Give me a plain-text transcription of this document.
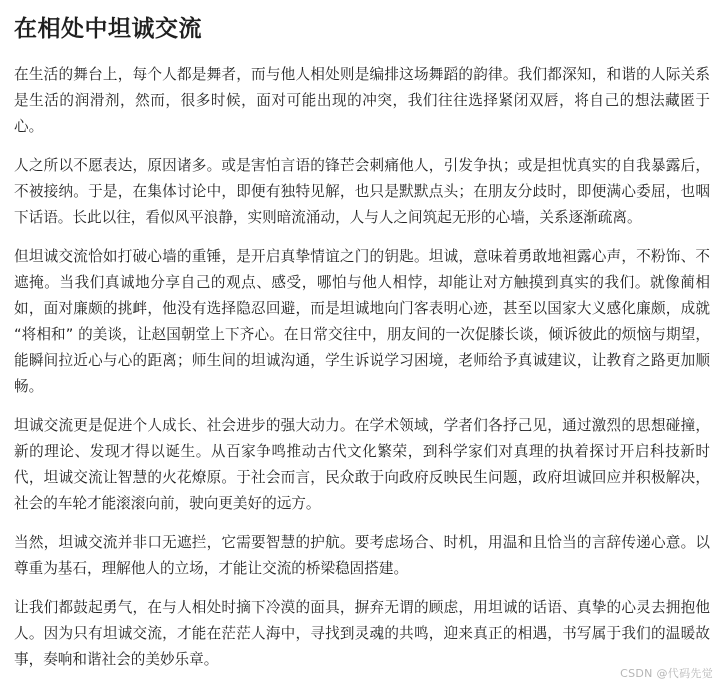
在相处中坦诚交流

在生活的舞台上，每个人都是舞者，而与他人相处则是编排这场舞蹈的韵律。我们都深知，和谐的人际关系是生活的润滑剂，然而，很多时候，面对可能出现的冲突，我们往往选择紧闭双唇，将自己的想法藏匿于心。

人之所以不愿表达，原因诸多。或是害怕言语的锋芒会刺痛他人，引发争执；或是担忧真实的自我暴露后，不被接纳。于是，在集体讨论中，即便有独特见解，也只是默默点头；在朋友分歧时，即便满心委屈，也咽下话语。长此以往，看似风平浪静，实则暗流涌动，人与人之间筑起无形的心墙，关系逐渐疏离。

但坦诚交流恰如打破心墙的重锤，是开启真挚情谊之门的钥匙。坦诚，意味着勇敢地袒露心声，不粉饰、不遮掩。当我们真诚地分享自己的观点、感受，哪怕与他人相悖，却能让对方触摸到真实的我们。就像蔺相如，面对廉颇的挑衅，他没有选择隐忍回避，而是坦诚地向门客表明心迹，甚至以国家大义感化廉颇，成就 “将相和” 的美谈，让赵国朝堂上下齐心。在日常交往中，朋友间的一次促膝长谈，倾诉彼此的烦恼与期望，能瞬间拉近心与心的距离；师生间的坦诚沟通，学生诉说学习困境，老师给予真诚建议，让教育之路更加顺畅。

坦诚交流更是促进个人成长、社会进步的强大动力。在学术领域，学者们各抒己见，通过激烈的思想碰撞，新的理论、发现才得以诞生。从百家争鸣推动古代文化繁荣，到科学家们对真理的执着探讨开启科技新时代，坦诚交流让智慧的火花燎原。于社会而言，民众敢于向政府反映民生问题，政府坦诚回应并积极解决，社会的车轮才能滚滚向前，驶向更美好的远方。

当然，坦诚交流并非口无遮拦，它需要智慧的护航。要考虑场合、时机，用温和且恰当的言辞传递心意。以尊重为基石，理解他人的立场，才能让交流的桥梁稳固搭建。

让我们都鼓起勇气，在与人相处时摘下冷漠的面具，摒弃无谓的顾虑，用坦诚的话语、真挚的心灵去拥抱他人。因为只有坦诚交流，才能在茫茫人海中，寻找到灵魂的共鸣，迎来真正的相遇，书写属于我们的温暖故事，奏响和谐社会的美妙乐章。

CSDN @代码先觉
